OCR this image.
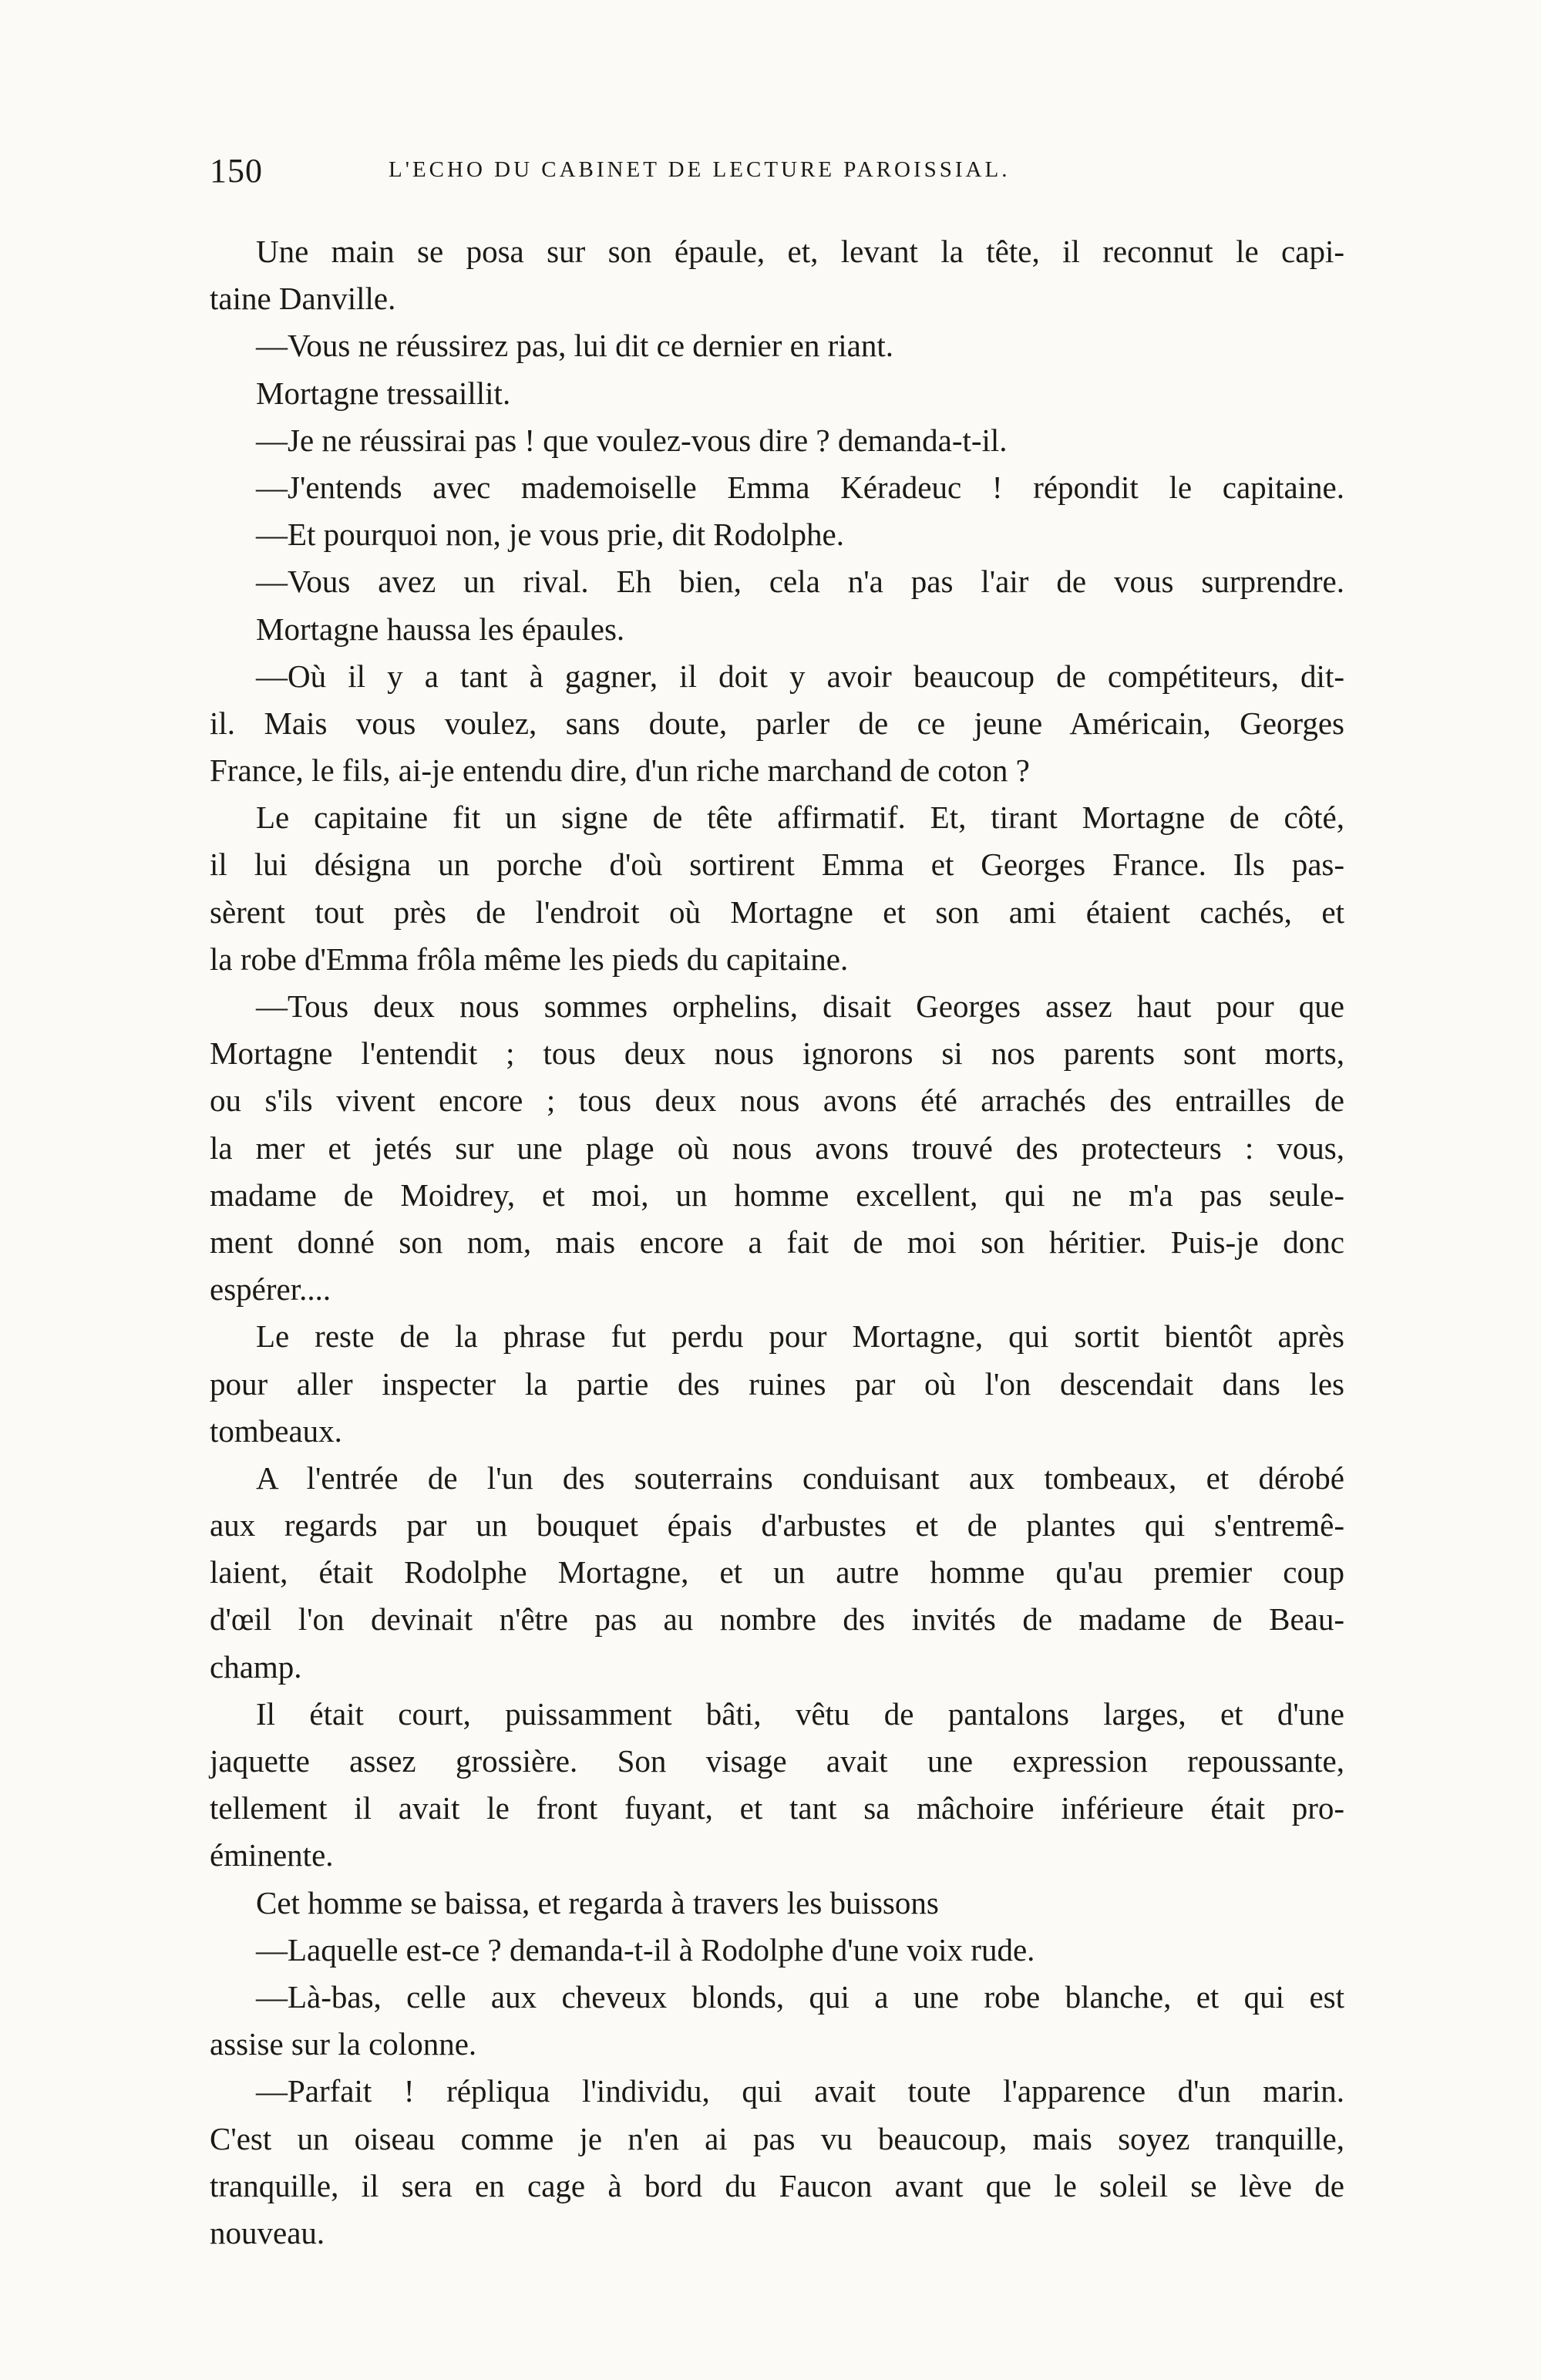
150	L'ECHO DU CABINET DE LECTURE PAROISSIAL.
Une main se posa sur son épaule, et, levant la tête, il reconnut le capi-
taine Danville.
—Vous ne réussirez pas, lui dit ce dernier en riant.
Mortagne tressaillit.
—Je ne réussirai pas ! que voulez-vous dire ? demanda-t-il.
—J'entends avec mademoiselle Emma Kéradeuc ! répondit le capitaine.
—Et pourquoi non, je vous prie, dit Rodolphe.
—Vous avez un rival. Eh bien, cela n'a pas l'air de vous surprendre.
Mortagne haussa les épaules.
—Où il y a tant à gagner, il doit y avoir beaucoup de compétiteurs, dit-
il. Mais vous voulez, sans doute, parler de ce jeune Américain, Georges
France, le fils, ai-je entendu dire, d'un riche marchand de coton ?
Le capitaine fit un signe de tête affirmatif. Et, tirant Mortagne de côté,
il lui désigna un porche d'où sortirent Emma et Georges France. Ils pas-
sèrent tout près de l'endroit où Mortagne et son ami étaient cachés, et
la robe d'Emma frôla même les pieds du capitaine.
—Tous deux nous sommes orphelins, disait Georges assez haut pour que
Mortagne l'entendit ; tous deux nous ignorons si nos parents sont morts,
ou s'ils vivent encore ; tous deux nous avons été arrachés des entrailles de
la mer et jetés sur une plage où nous avons trouvé des protecteurs : vous,
madame de Moidrey, et moi, un homme excellent, qui ne m'a pas seule-
ment donné son nom, mais encore a fait de moi son héritier. Puis-je donc
espérer....
Le reste de la phrase fut perdu pour Mortagne, qui sortit bientôt après
pour aller inspecter la partie des ruines par où l'on descendait dans les
tombeaux.
A l'entrée de l'un des souterrains conduisant aux tombeaux, et dérobé
aux regards par un bouquet épais d'arbustes et de plantes qui s'entremê-
laient, était Rodolphe Mortagne, et un autre homme qu'au premier coup
d'œil l'on devinait n'être pas au nombre des invités de madame de Beau-
champ.
Il était court, puissamment bâti, vêtu de pantalons larges, et d'une
jaquette assez grossière. Son visage avait une expression repoussante,
tellement il avait le front fuyant, et tant sa mâchoire inférieure était pro-
éminente.
Cet homme se baissa, et regarda à travers les buissons
—Laquelle est-ce ? demanda-t-il à Rodolphe d'une voix rude.
—Là-bas, celle aux cheveux blonds, qui a une robe blanche, et qui est
assise sur la colonne.
—Parfait ! répliqua l'individu, qui avait toute l'apparence d'un marin.
C'est un oiseau comme je n'en ai pas vu beaucoup, mais soyez tranquille,
tranquille, il sera en cage à bord du Faucon avant que le soleil se lève de
nouveau.
